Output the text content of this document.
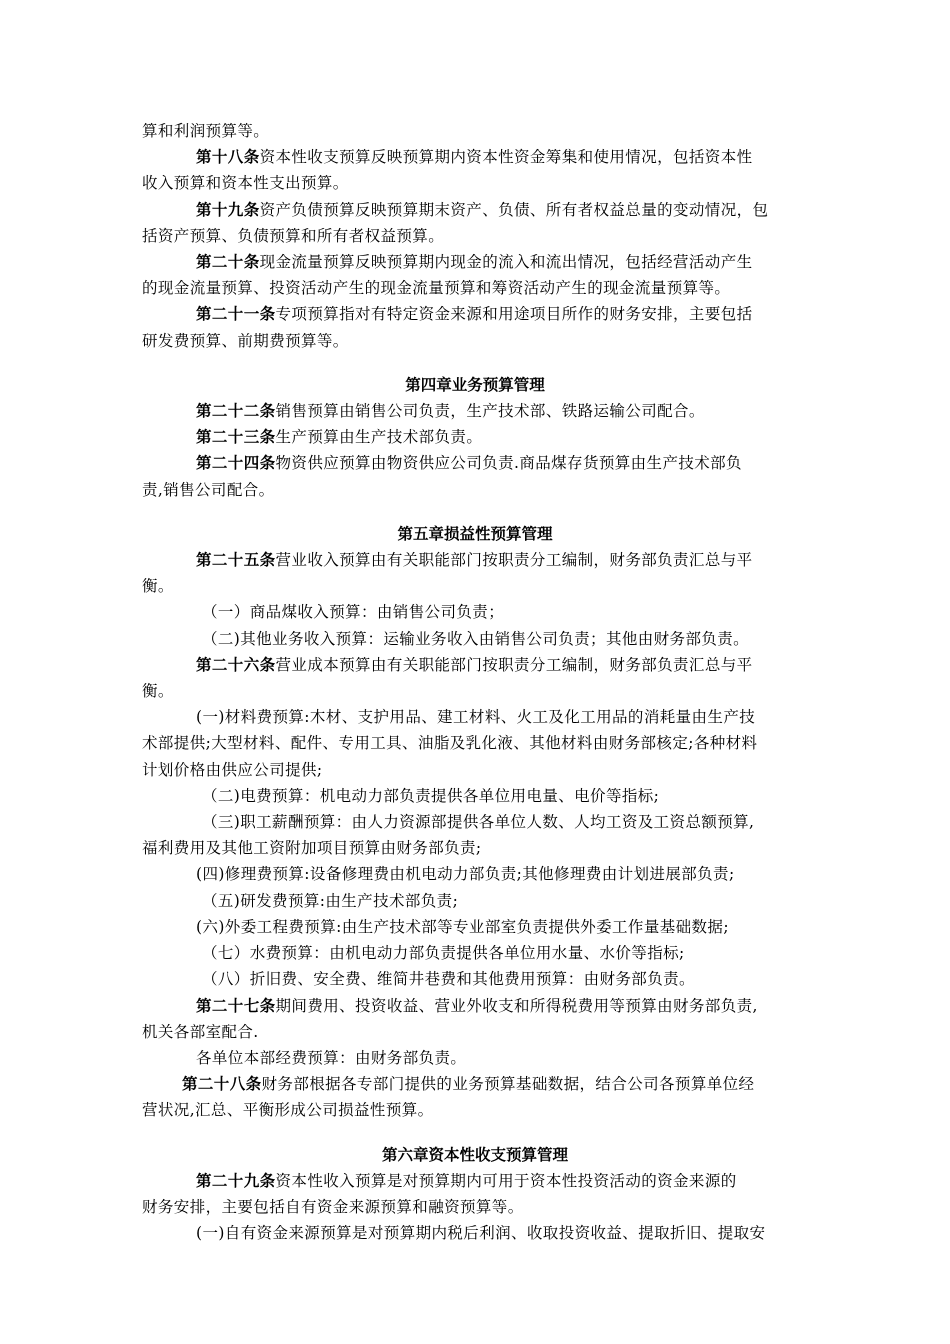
算和利润预算等。
第十八条资本性收支预算反映预算期内资本性资金筹集和使用情况，包括资本性
收入预算和资本性支出预算。
第十九条资产负债预算反映预算期末资产、负债、所有者权益总量的变动情况，包
括资产预算、负债预算和所有者权益预算。
第二十条现金流量预算反映预算期内现金的流入和流出情况，包括经营活动产生
的现金流量预算、投资活动产生的现金流量预算和筹资活动产生的现金流量预算等。
第二十一条专项预算指对有特定资金来源和用途项目所作的财务安排，主要包括
研发费预算、前期费预算等。
第四章业务预算管理
第二十二条销售预算由销售公司负责，生产技术部、铁路运输公司配合。
第二十三条生产预算由生产技术部负责。
第二十四条物资供应预算由物资供应公司负责.商品煤存货预算由生产技术部负
责,销售公司配合。
第五章损益性预算管理
第二十五条营业收入预算由有关职能部门按职责分工编制，财务部负责汇总与平
衡。
（一）商品煤收入预算：由销售公司负责；
（二)其他业务收入预算：运输业务收入由销售公司负责；其他由财务部负责。
第二十六条营业成本预算由有关职能部门按职责分工编制，财务部负责汇总与平
衡。
(一)材料费预算:木材、支护用品、建工材料、火工及化工用品的消耗量由生产技
术部提供;大型材料、配件、专用工具、油脂及乳化液、其他材料由财务部核定;各种材料
计划价格由供应公司提供;
（二)电费预算：机电动力部负责提供各单位用电量、电价等指标;
（三)职工薪酬预算：由人力资源部提供各单位人数、人均工资及工资总额预算,
福利费用及其他工资附加项目预算由财务部负责;
(四)修理费预算:设备修理费由机电动力部负责;其他修理费由计划进展部负责;
（五)研发费预算:由生产技术部负责;
(六)外委工程费预算:由生产技术部等专业部室负责提供外委工作量基础数据;
（七）水费预算：由机电动力部负责提供各单位用水量、水价等指标;
（八）折旧费、安全费、维简井巷费和其他费用预算：由财务部负责。
第二十七条期间费用、投资收益、营业外收支和所得税费用等预算由财务部负责,
机关各部室配合.
各单位本部经费预算：由财务部负责。
第二十八条财务部根据各专部门提供的业务预算基础数据，结合公司各预算单位经
营状况,汇总、平衡形成公司损益性预算。
第六章资本性收支预算管理
第二十九条资本性收入预算是对预算期内可用于资本性投资活动的资金来源的
财务安排，主要包括自有资金来源预算和融资预算等。
(一)自有资金来源预算是对预算期内税后利润、收取投资收益、提取折旧、提取安
